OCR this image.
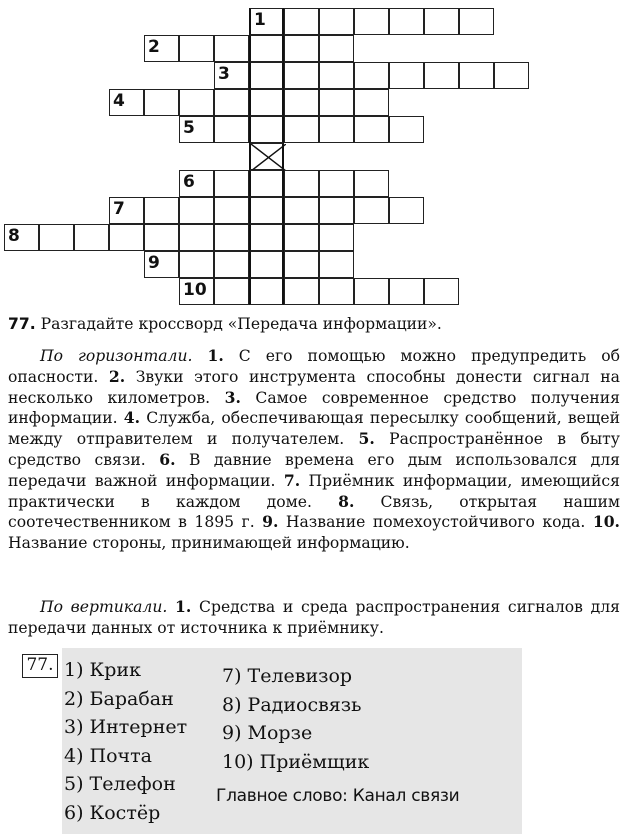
1
2
3
4
5
6
7
8
9
10
77. Разгадайте кроссворд «Передача информации».
По горизонтали. 1. С его помощью можно предупредить об опасности. 2. Звуки этого инструмента способны донести сигнал на несколько километров. 3. Самое современное средство получения информации. 4. Служба, обеспечивающая пересылку сообщений, вещей между отправителем и получателем. 5. Распространённое в быту средство связи. 6. В давние времена его дым использовался для передачи важной информации. 7. Приёмник информации, имеющийся практически в каждом доме. 8. Связь, открытая нашим соотечественником в 1895 г. 9. Название помехоустойчивого кода. 10. Название стороны, принимающей информацию.
По вертикали. 1. Средства и среда распространения сигналов для передачи данных от источника к приёмнику.
77. 1) Крик
2) Барабан
3) Интернет
4) Почта
5) Телефон
6) Костёр
7) Телевизор
8) Радиосвязь
9) Морзе
10) Приёмщик
Главное слово: Канал связи
